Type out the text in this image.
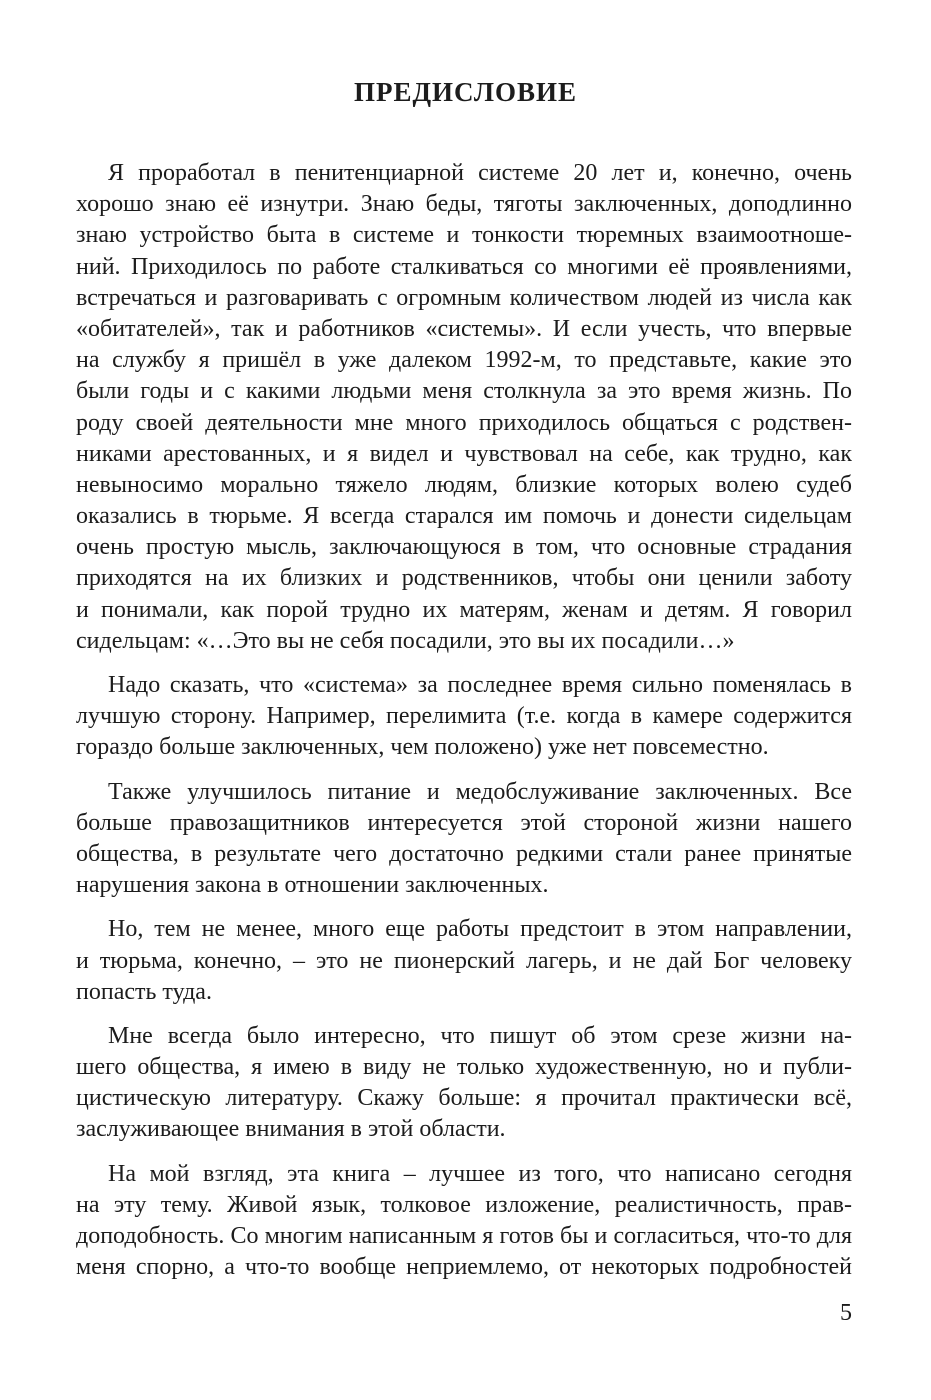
ПРЕДИСЛОВИЕ

Я проработал в пенитенциарной системе 20 лет и, конечно, очень
хорошо знаю её изнутри. Знаю беды, тяготы заключенных, доподлинно
знаю устройство быта в системе и тонкости тюремных взаимоотноше-
ний. Приходилось по работе сталкиваться со многими её проявлениями,
встречаться и разговаривать с огромным количеством людей из числа как
«обитателей», так и работников «системы». И если учесть, что впервые
на службу я пришёл в уже далеком 1992-м, то представьте, какие это
были годы и с какими людьми меня столкнула за это время жизнь. По
роду своей деятельности мне много приходилось общаться с родствен-
никами арестованных, и я видел и чувствовал на себе, как трудно, как
невыносимо морально тяжело людям, близкие которых волею судеб
оказались в тюрьме. Я всегда старался им помочь и донести сидельцам
очень простую мысль, заключающуюся в том, что основные страдания
приходятся на их близких и родственников, чтобы они ценили заботу
и понимали, как порой трудно их матерям, женам и детям. Я говорил
сидельцам: «…Это вы не себя посадили, это вы их посадили…»

Надо сказать, что «система» за последнее время сильно поменялась в
лучшую сторону. Например, перелимита (т.е. когда в камере содержится
гораздо больше заключенных, чем положено) уже нет повсеместно.

Также улучшилось питание и медобслуживание заключенных. Все
больше правозащитников интересуется этой стороной жизни нашего
общества, в результате чего достаточно редкими стали ранее принятые
нарушения закона в отношении заключенных.

Но, тем не менее, много еще работы предстоит в этом направлении,
и тюрьма, конечно, – это не пионерский лагерь, и не дай Бог человеку
попасть туда.

Мне всегда было интересно, что пишут об этом срезе жизни на-
шего общества, я имею в виду не только художественную, но и публи-
цистическую литературу. Скажу больше: я прочитал практически всё,
заслуживающее внимания в этой области.

На мой взгляд, эта книга – лучшее из того, что написано сегодня
на эту тему. Живой язык, толковое изложение, реалистичность, прав-
доподобность. Со многим написанным я готов бы и согласиться, что-то для
меня спорно, а что-то вообще неприемлемо, от некоторых подробностей

5
